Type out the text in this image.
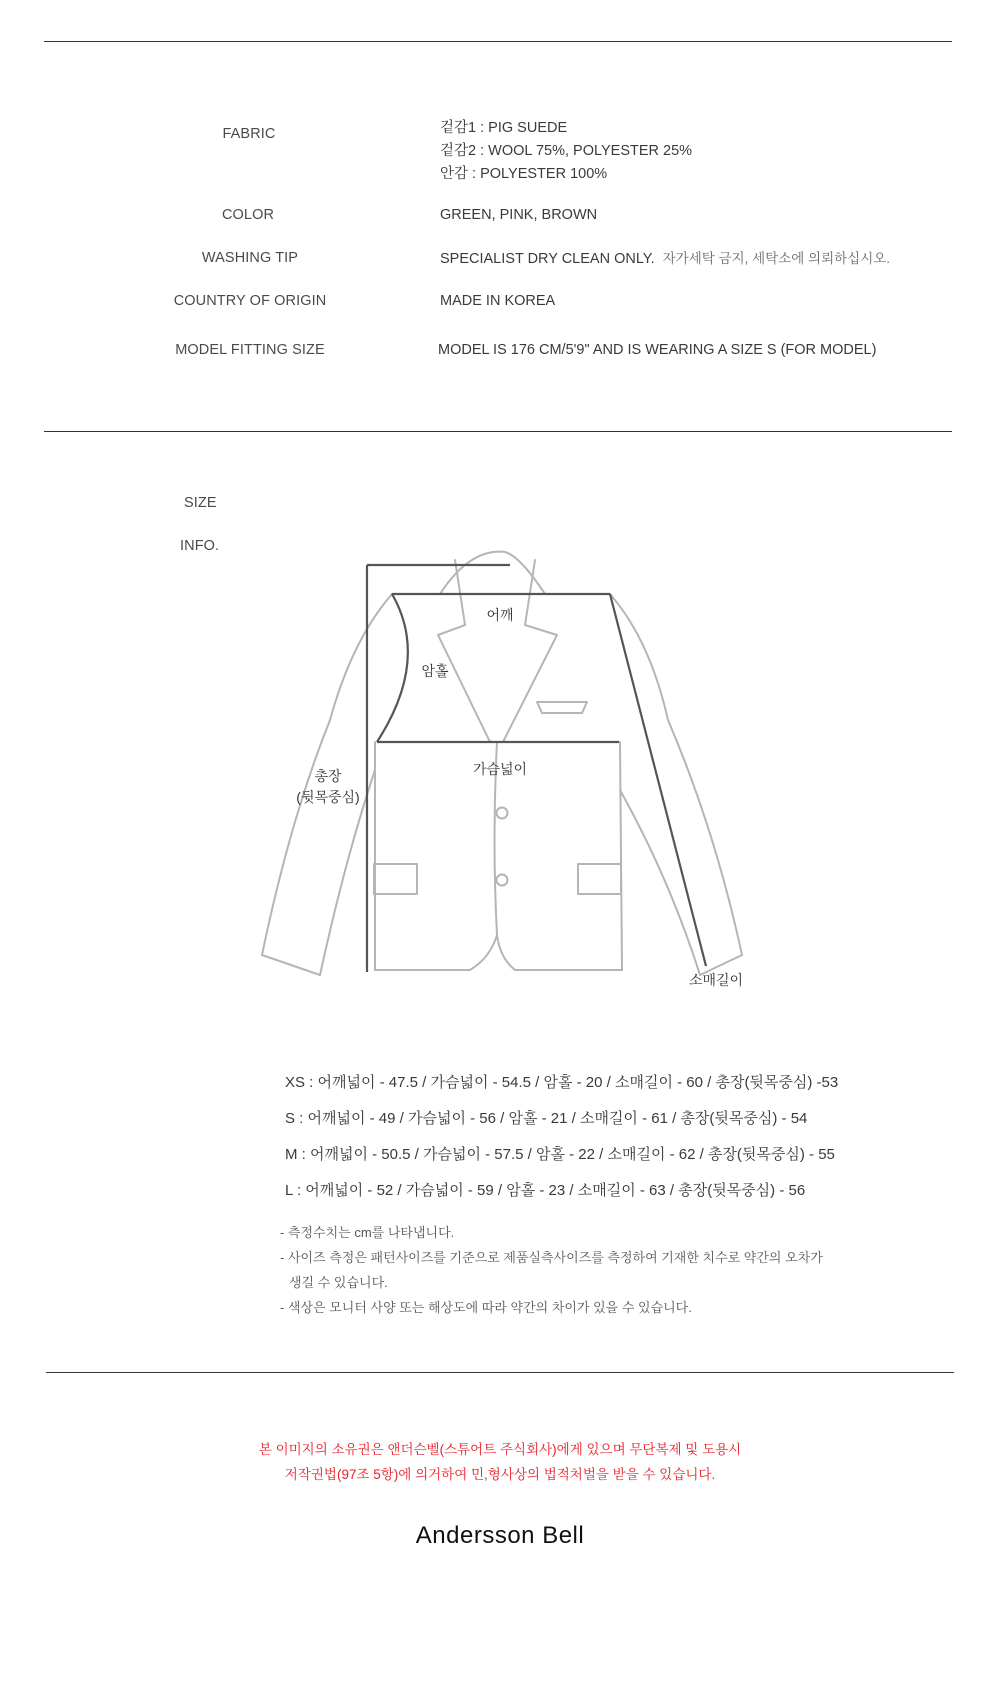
FABRIC	겉감1 : PIG SUEDE
겉감2 : WOOL 75%, POLYESTER 25%
안감 : POLYESTER 100%
COLOR	GREEN, PINK, BROWN
WASHING TIP	SPECIALIST DRY CLEAN ONLY. 자가세탁 금지, 세탁소에 의뢰하십시오.
COUNTRY OF ORIGIN	MADE IN KOREA
MODEL FITTING SIZE	MODEL IS 176 CM/5'9" AND IS WEARING A SIZE S (FOR MODEL)
SIZE
INFO.
어깨
암홀
가슴넓이
총장
(뒷목중심)
소매길이
XS : 어깨넓이 - 47.5 / 가슴넓이 - 54.5 / 암홀 - 20 / 소매길이 - 60 / 총장(뒷목중심) -53
S : 어깨넓이 - 49 / 가슴넓이 - 56 / 암홀 - 21 / 소매길이 - 61 / 총장(뒷목중심) - 54
M : 어깨넓이 - 50.5 / 가슴넓이 - 57.5 / 암홀 - 22 / 소매길이 - 62 / 총장(뒷목중심) - 55
L : 어깨넓이 - 52 / 가슴넓이 - 59 / 암홀 - 23 / 소매길이 - 63 / 총장(뒷목중심) - 56
- 측정수치는 cm를 나타냅니다.
- 사이즈 측정은 패턴사이즈를 기준으로 제품실측사이즈를 측정하여 기재한 치수로 약간의 오차가
생길 수 있습니다.
- 색상은 모니터 사양 또는 해상도에 따라 약간의 차이가 있을 수 있습니다.
본 이미지의 소유권은 앤더슨벨(스튜어트 주식회사)에게 있으며 무단복제 및 도용시
저작권법(97조 5항)에 의거하여 민,형사상의 법적처벌을 받을 수 있습니다.
Andersson Bell
